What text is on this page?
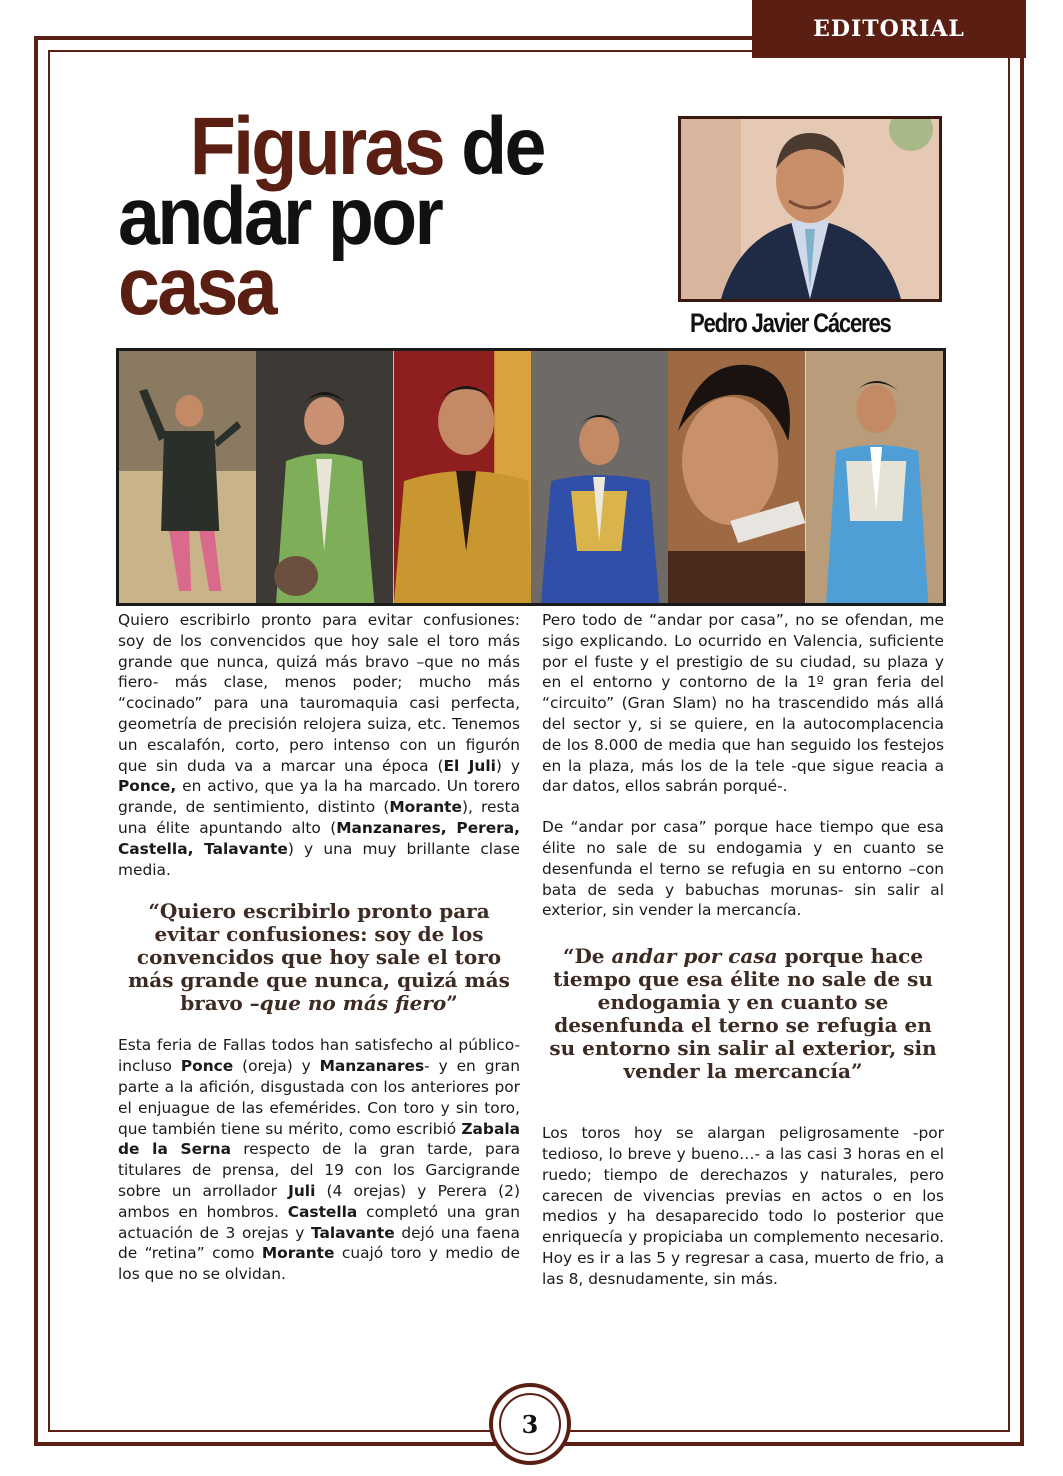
EDITORIAL
Figuras de
andar por casa	Pedro Javier Cáceres

Quiero escribirlo pronto para evitar confusiones: soy de los convencidos que hoy sale el toro más grande que nunca, quizá más bravo –que no más fiero- más clase, menos poder; mucho más “cocinado” para una tauromaquia casi perfecta, geometría de precisión relojera suiza, etc. Tenemos un escalafón, corto, pero intenso con un figurón que sin duda va a marcar una época (El Juli) y Ponce, en activo, que ya la ha marcado. Un torero grande, de sentimiento, distinto (Morante), resta una élite apuntando alto (Manzanares, Perera, Castella, Talavante) y una muy brillante clase media.

“Quiero escribirlo pronto para evitar confusiones: soy de los convencidos que hoy sale el toro más grande que nunca, quizá más bravo –que no más fiero”

Esta feria de Fallas todos han satisfecho al público- incluso Ponce (oreja) y Manzanares- y en gran parte a la afición, disgustada con los anteriores por el enjuague de las efemérides. Con toro y sin toro, que también tiene su mérito, como escribió Zabala de la Serna respecto de la gran tarde, para titulares de prensa, del 19 con los Garcigrande sobre un arrollador Juli (4 orejas) y Perera (2) ambos en hombros. Castella completó una gran actuación de 3 orejas y Talavante dejó una faena de “retina” como Morante cuajó toro y medio de los que no se olvidan.

Pero todo de “andar por casa”, no se ofendan, me sigo explicando. Lo ocurrido en Valencia, suficiente por el fuste y el prestigio de su ciudad, su plaza y en el entorno y contorno de la 1º gran feria del “circuito” (Gran Slam) no ha trascendido más allá del sector y, si se quiere, en la autocomplacencia de los 8.000 de media que han seguido los festejos en la plaza, más los de la tele -que sigue reacia a dar datos, ellos sabrán porqué-.

De “andar por casa” porque hace tiempo que esa élite no sale de su endogamia y en cuanto se desenfunda el terno se refugia en su entorno –con bata de seda y babuchas morunas- sin salir al exterior, sin vender la mercancía.

“De andar por casa porque hace tiempo que esa élite no sale de su endogamia y en cuanto se desenfunda el terno se refugia en su entorno sin salir al exterior, sin vender la mercancía”

Los toros hoy se alargan peligrosamente -por tedioso, lo breve y bueno…- a las casi 3 horas en el ruedo; tiempo de derechazos y naturales, pero carecen de vivencias previas en actos o en los medios y ha desaparecido todo lo posterior que enriquecía y propiciaba un complemento necesario. Hoy es ir a las 5 y regresar a casa, muerto de frio, a las 8, desnudamente, sin más.

3
